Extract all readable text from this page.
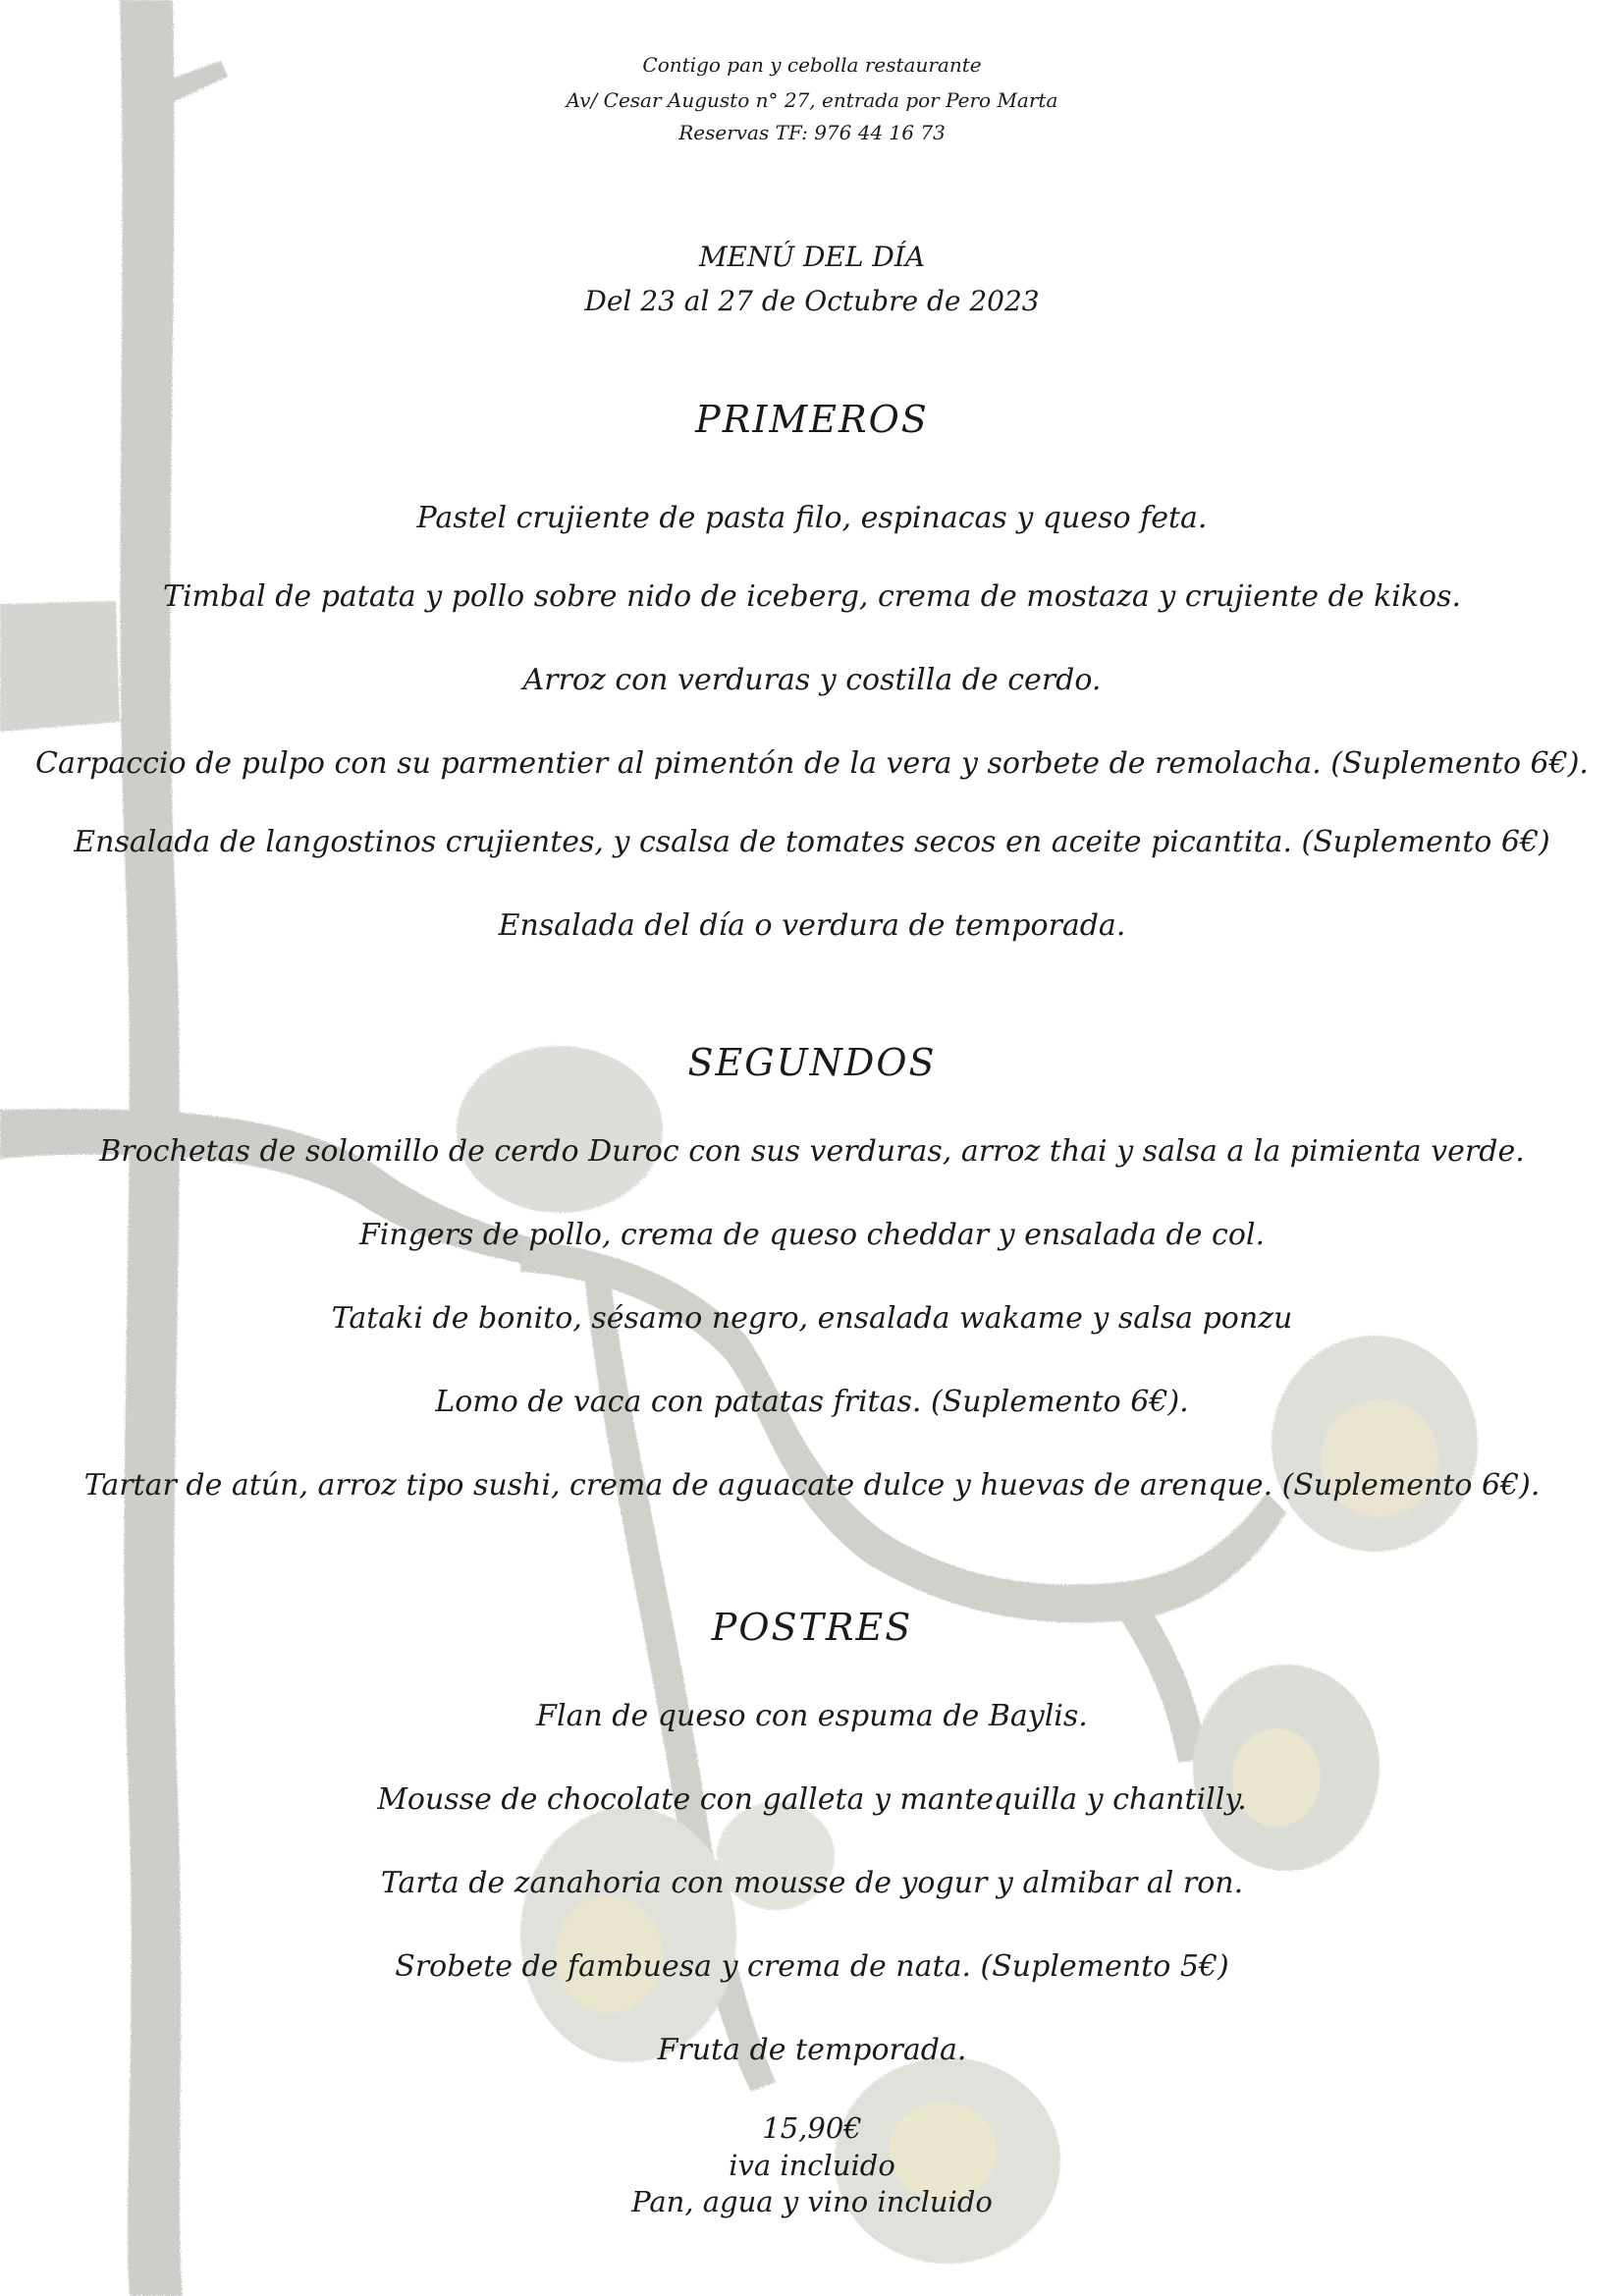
Contigo pan y cebolla restaurante

Av/ Cesar Augusto n° 27, entrada por Pero Marta

Reservas TF: 976 44 16 73

MENÚ DEL DÍA

Del 23 al 27 de Octubre de 2023

PRIMEROS

Pastel crujiente de pasta filo, espinacas y queso feta.

Timbal de patata y pollo sobre nido de iceberg, crema de mostaza y crujiente de kikos.

Arroz con verduras y costilla de cerdo.

Carpaccio de pulpo con su parmentier al pimentón de la vera y sorbete de remolacha. (Suplemento 6€).

Ensalada de langostinos crujientes, y csalsa de tomates secos en aceite picantita. (Suplemento 6€)

Ensalada del día o verdura de temporada.

SEGUNDOS

Brochetas de solomillo de cerdo Duroc con sus verduras, arroz thai y salsa a la pimienta verde.

Fingers de pollo, crema de queso cheddar y ensalada de col.

Tataki de bonito, sésamo negro, ensalada wakame y salsa ponzu

Lomo de vaca con patatas fritas. (Suplemento 6€).

Tartar de atún, arroz tipo sushi, crema de aguacate dulce y huevas de arenque. (Suplemento 6€).

POSTRES

Flan de queso con espuma de Baylis.

Mousse de chocolate con galleta y mantequilla y chantilly.

Tarta de zanahoria con mousse de yogur y almibar al ron.

Srobete de fambuesa y crema de nata. (Suplemento 5€)

Fruta de temporada.

15,90€

iva incluido

Pan, agua y vino incluido
